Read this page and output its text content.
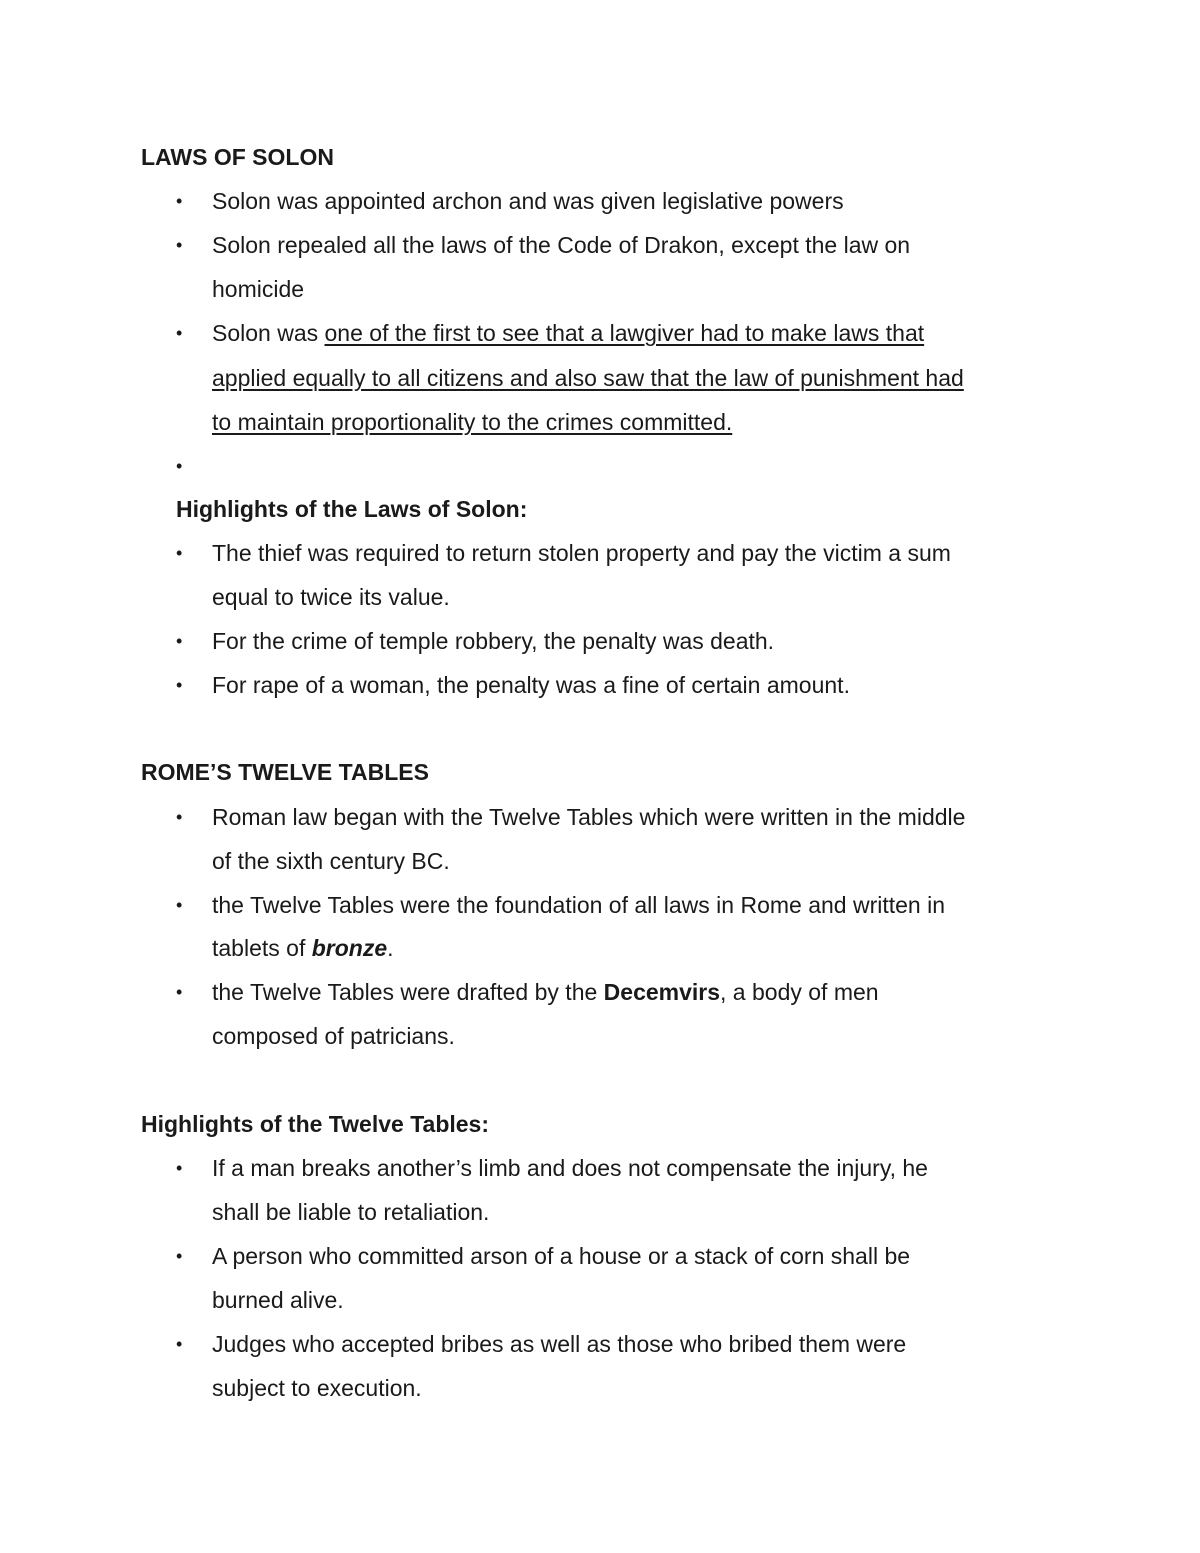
LAWS OF SOLON
• Solon was appointed archon and was given legislative powers
• Solon repealed all the laws of the Code of Drakon, except the law on
homicide
• Solon was one of the first to see that a lawgiver had to make laws that
applied equally to all citizens and also saw that the law of punishment had
to maintain proportionality to the crimes committed.
•
Highlights of the Laws of Solon:
• The thief was required to return stolen property and pay the victim a sum
equal to twice its value.
• For the crime of temple robbery, the penalty was death.
• For rape of a woman, the penalty was a fine of certain amount.
ROME’S TWELVE TABLES
• Roman law began with the Twelve Tables which were written in the middle
of the sixth century BC.
• the Twelve Tables were the foundation of all laws in Rome and written in
tablets of bronze.
• the Twelve Tables were drafted by the Decemvirs, a body of men
composed of patricians.
Highlights of the Twelve Tables:
• If a man breaks another’s limb and does not compensate the injury, he
shall be liable to retaliation.
• A person who committed arson of a house or a stack of corn shall be
burned alive.
• Judges who accepted bribes as well as those who bribed them were
subject to execution.
